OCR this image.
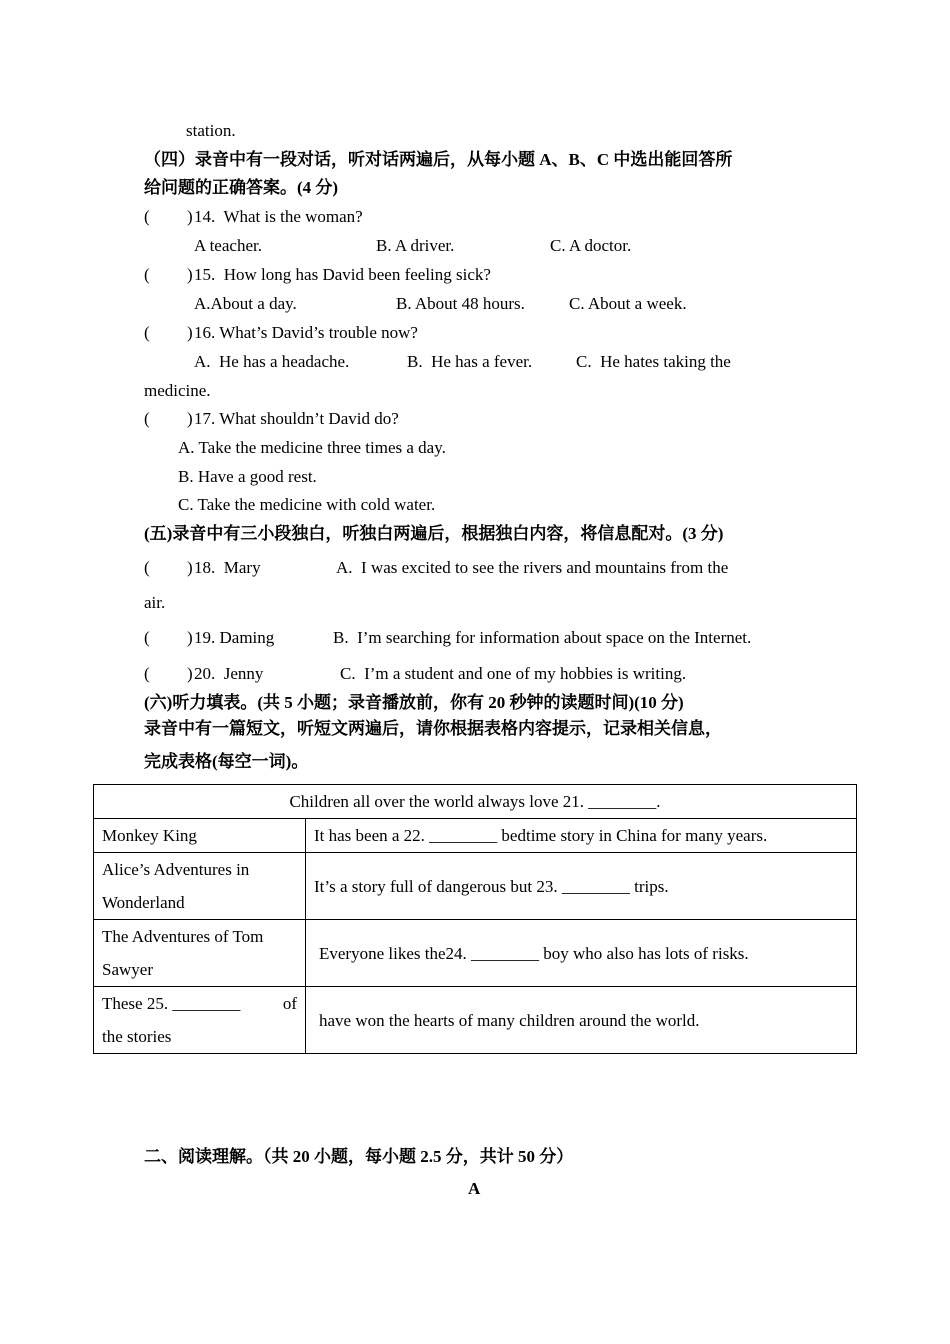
station.
（四）录音中有一段对话，听对话两遍后，从每小题 A、B、C 中选出能回答所
给问题的正确答案。(4 分)
( ) 14.  What is the woman?
A teacher.	B. A driver.	C. A doctor.
( ) 15.  How long has David been feeling sick?
A.About a day.	B. About 48 hours.	C. About a week.
( ) 16. What’s David’s trouble now?
A.  He has a headache.	B.  He has a fever.	C.  He hates taking the
medicine.
( ) 17. What shouldn’t David do?
A. Take the medicine three times a day.
B. Have a good rest.
C. Take the medicine with cold water.
(五)录音中有三小段独白，听独白两遍后，根据独白内容，将信息配对。(3 分)
( ) 18.  Mary	A.  I was excited to see the rivers and mountains from the
air.
( ) 19. Daming	B.  I’m searching for information about space on the Internet.
( ) 20.  Jenny	C.  I’m a student and one of my hobbies is writing.
(六)听力填表。(共 5 小题；录音播放前，你有 20 秒钟的读题时间)(10 分)
录音中有一篇短文，听短文两遍后，请你根据表格内容提示，记录相关信息，
完成表格(每空一词)。
Children all over the world always love 21. ________.	
Monkey King	It has been a 22. ________ bedtime story in China for many years.
Alice’s Adventures in Wonderland	It’s a story full of dangerous but 23. ________ trips.
The Adventures of Tom Sawyer	Everyone likes the24. ________ boy who also has lots of risks.

These 25. ________ of
the stories	have won the hearts of many children around the world.
二、阅读理解。（共 20 小题，每小题 2.5 分，共计 50 分）
A
